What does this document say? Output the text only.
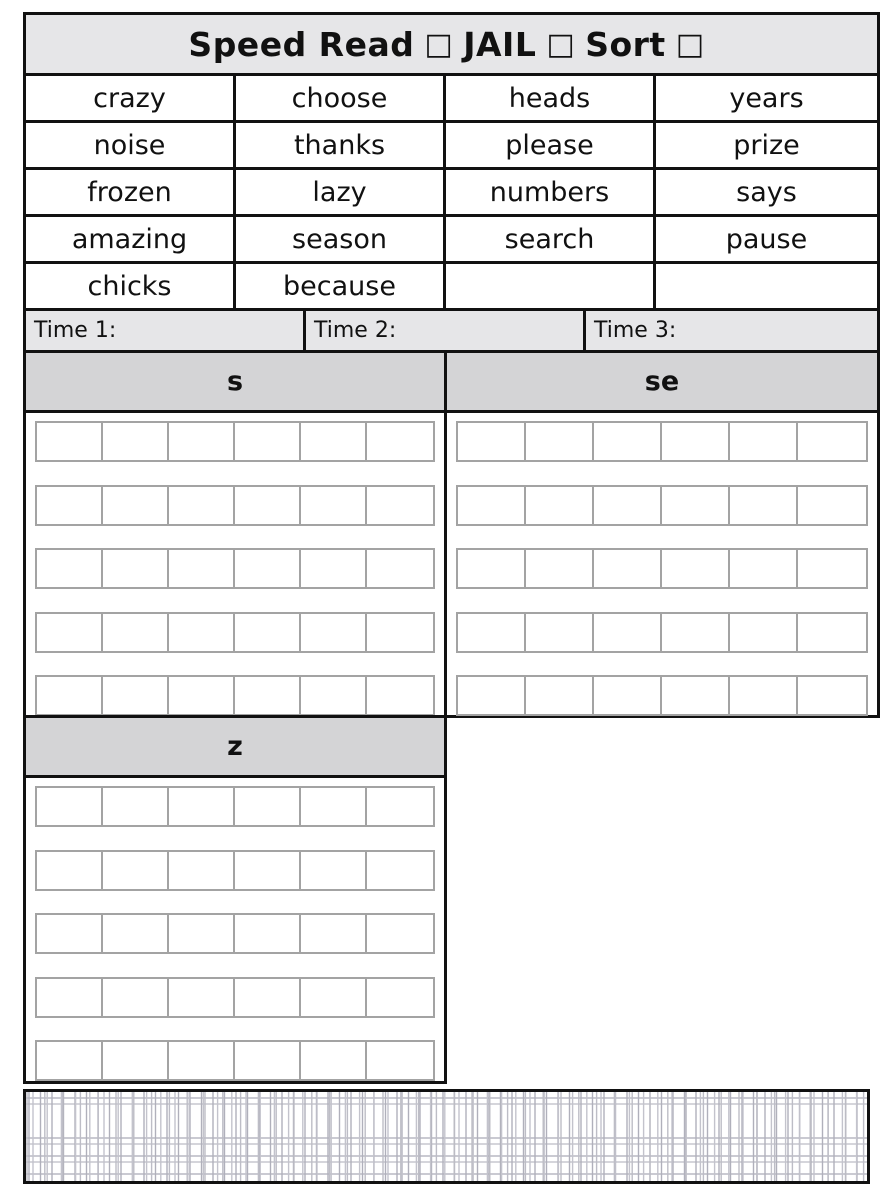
Speed Read □ JAIL □ Sort □
crazy	choose	heads	years
noise	thanks	please	prize
frozen	lazy	numbers	says
amazing	season	search	pause
chicks	because
Time 1:	Time 2:	Time 3:
s	se
z
